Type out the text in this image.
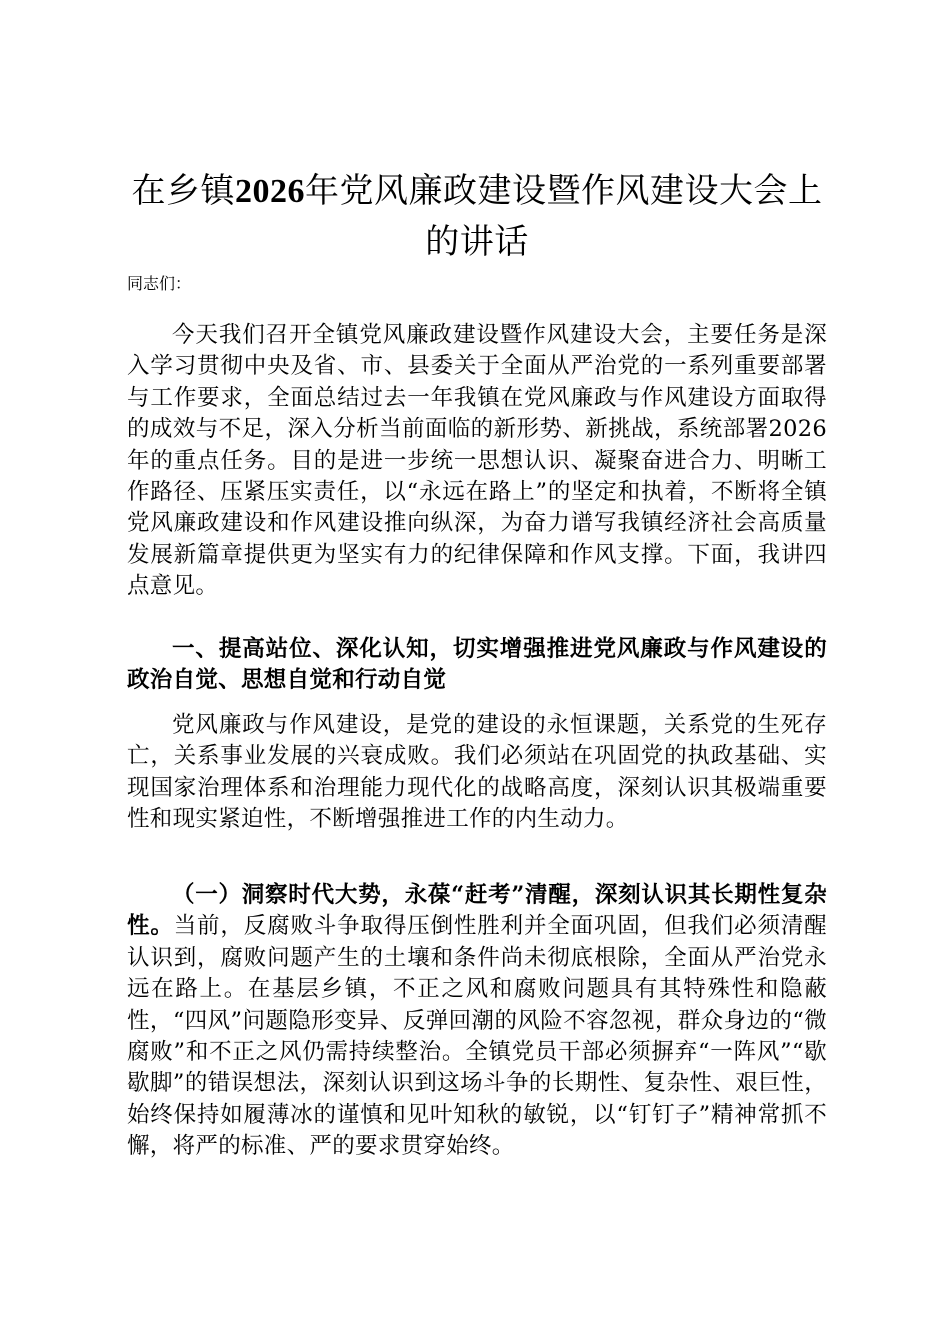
在乡镇2026年党风廉政建设暨作风建设大会上的讲话

同志们：

今天我们召开全镇党风廉政建设暨作风建设大会，主要任务是深入学习贯彻中央及省、市、县委关于全面从严治党的一系列重要部署与工作要求，全面总结过去一年我镇在党风廉政与作风建设方面取得的成效与不足，深入分析当前面临的新形势、新挑战，系统部署2026年的重点任务。目的是进一步统一思想认识、凝聚奋进合力、明晰工作路径、压紧压实责任，以“永远在路上”的坚定和执着，不断将全镇党风廉政建设和作风建设推向纵深，为奋力谱写我镇经济社会高质量发展新篇章提供更为坚实有力的纪律保障和作风支撑。下面，我讲四点意见。

一、提高站位、深化认知，切实增强推进党风廉政与作风建设的政治自觉、思想自觉和行动自觉

党风廉政与作风建设，是党的建设的永恒课题，关系党的生死存亡，关系事业发展的兴衰成败。我们必须站在巩固党的执政基础、实现国家治理体系和治理能力现代化的战略高度，深刻认识其极端重要性和现实紧迫性，不断增强推进工作的内生动力。

（一）洞察时代大势，永葆“赶考”清醒，深刻认识其长期性复杂性。当前，反腐败斗争取得压倒性胜利并全面巩固，但我们必须清醒认识到，腐败问题产生的土壤和条件尚未彻底根除，全面从严治党永远在路上。在基层乡镇，不正之风和腐败问题具有其特殊性和隐蔽性，“四风”问题隐形变异、反弹回潮的风险不容忽视，群众身边的“微腐败”和不正之风仍需持续整治。全镇党员干部必须摒弃“一阵风”“歇歇脚”的错误想法，深刻认识到这场斗争的长期性、复杂性、艰巨性，始终保持如履薄冰的谨慎和见叶知秋的敏锐，以“钉钉子”精神常抓不懈，将严的标准、严的要求贯穿始终。
